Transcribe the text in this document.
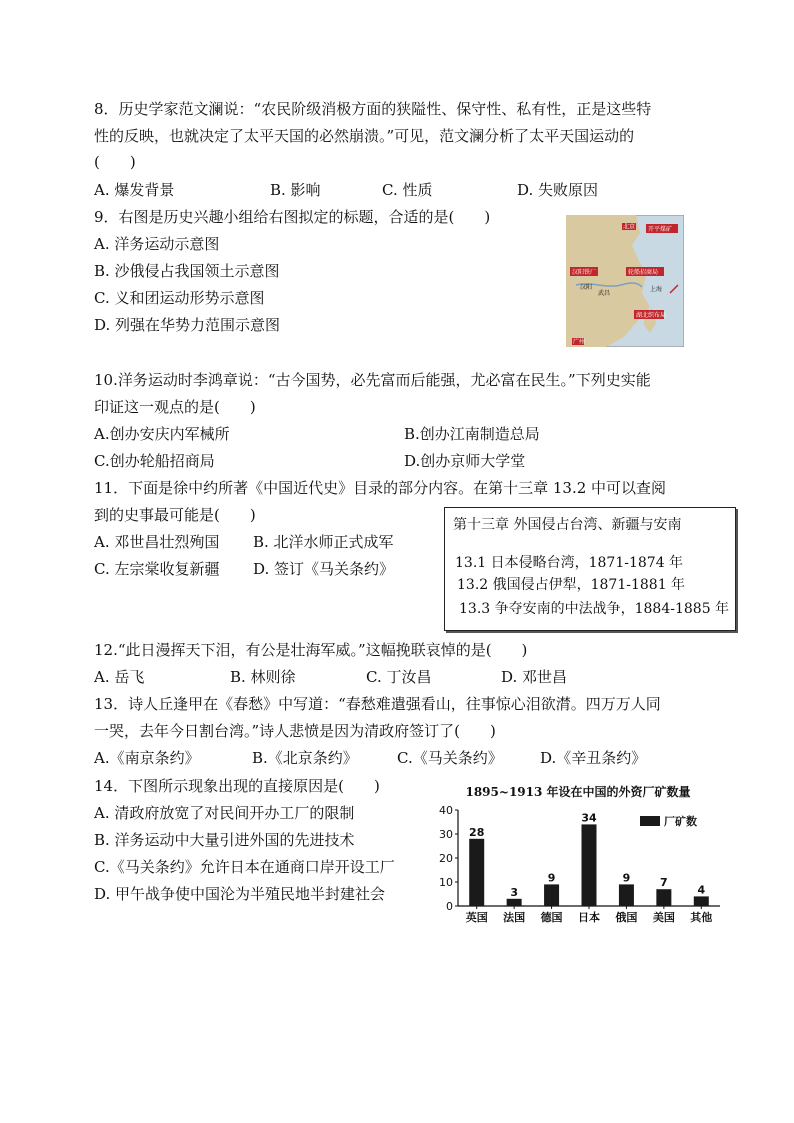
8．历史学家范文澜说：“农民阶级消极方面的狭隘性、保守性、私有性，正是这些特
性的反映，也就决定了太平天国的必然崩溃。”可见，范文澜分析了太平天国运动的
(　　)
A. 爆发背景	B. 影响	C. 性质	D. 失败原因
9．右图是历史兴趣小组给右图拟定的标题，合适的是(　　)
A. 洋务运动示意图
B. 沙俄侵占我国领土示意图
C. 义和团运动形势示意图
D. 列强在华势力范围示意图
北京 开平煤矿
汉阳铁厂	轮船招商局
湖北织布局
广州
汉阳
武昌
上海
10.洋务运动时李鸿章说：“古今国势，必先富而后能强，尤必富在民生。”下列史实能
印证这一观点的是(　　)
A.创办安庆内军械所	B.创办江南制造总局
C.创办轮船招商局	D.创办京师大学堂
11．下面是徐中约所著《中国近代史》目录的部分内容。在第十三章 13.2 中可以查阅
到的史事最可能是(　　)
A. 邓世昌壮烈殉国 B. 北洋水师正式成军
C. 左宗棠收复新疆 D. 签订《马关条约》
第十三章 外国侵占台湾、新疆与安南
13.1 日本侵略台湾，1871-1874 年
13.2 俄国侵占伊犁，1871-1881 年
13.3 争夺安南的中法战争，1884-1885 年
12.“此日漫挥天下泪，有公是壮海军威。”这幅挽联哀悼的是(　　)
A. 岳飞	B. 林则徐	C. 丁汝昌	D. 邓世昌
13．诗人丘逢甲在《春愁》中写道：“春愁难遣强看山，往事惊心泪欲潸。四万万人同
一哭，去年今日割台湾。”诗人悲愤是因为清政府签订了(　　)
A.《南京条约》	B.《北京条约》	C.《马关条约》 D.《辛丑条约》
14．下图所示现象出现的直接原因是(　　)
A. 清政府放宽了对民间开办工厂的限制
B. 洋务运动中大量引进外国的先进技术
C.《马关条约》允许日本在通商口岸开设工厂
D. 甲午战争使中国沦为半殖民地半封建社会
1895~1913 年设在中国的外资厂矿数量
0
10
20
30
40
英国 法国 德国 日本 俄国 美国 其他
28
3
9
34
9	7
4
厂矿数
